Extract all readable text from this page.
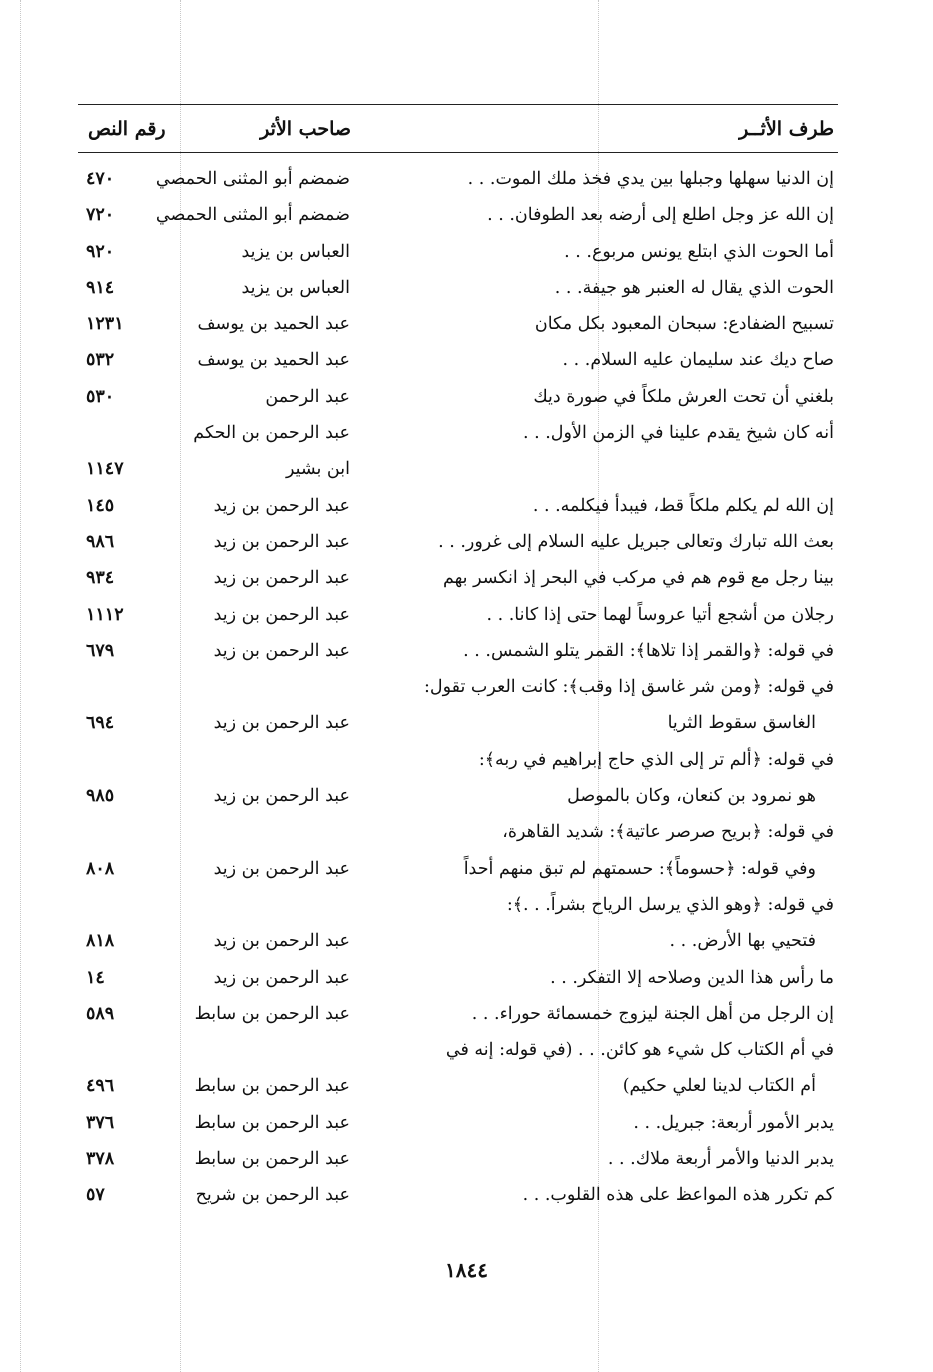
طرف الأثــر
صاحب الأثر
رقم النص
إن الدنيا سهلها وجبلها بين يدي فخذ ملك الموت. . .
ضمضم أبو المثنى الحمصي
٤٧٠
إن الله عز وجل اطلع إلى أرضه بعد الطوفان. . .
ضمضم أبو المثنى الحمصي
٧٢٠
أما الحوت الذي ابتلع يونس مربوع. . .
العباس بن يزيد
٩٢٠
الحوت الذي يقال له العنبر هو جيفة. . .
العباس بن يزيد
٩١٤
تسبيح الضفادع: سبحان المعبود بكل مكان
عبد الحميد بن يوسف
١٢٣١
صاح ديك عند سليمان عليه السلام. . .
عبد الحميد بن يوسف
٥٣٢
بلغني أن تحت العرش ملكاً في صورة ديك
عبد الرحمن
٥٣٠
أنه كان شيخ يقدم علينا في الزمن الأول. . .
عبد الرحمن بن الحكم
ابن بشير
١١٤٧
إن الله لم يكلم ملكاً قط، فيبدأ فيكلمه. . .
عبد الرحمن بن زيد
١٤٥
بعث الله تبارك وتعالى جبريل عليه السلام إلى غرور. . .
عبد الرحمن بن زيد
٩٨٦
بينا رجل مع قوم هم في مركب في البحر إذ انكسر بهم
عبد الرحمن بن زيد
٩٣٤
رجلان من أشجع أتيا عروساً لهما حتى إذا كانا. . .
عبد الرحمن بن زيد
١١١٢
في قوله: ﴿والقمر إذا تلاها﴾: القمر يتلو الشمس. . .
عبد الرحمن بن زيد
٦٧٩
في قوله: ﴿ومن شر غاسق إذا وقب﴾: كانت العرب تقول:
الغاسق سقوط الثريا
عبد الرحمن بن زيد
٦٩٤
في قوله: ﴿ألم تر إلى الذي حاج إبراهيم في ربه﴾:
هو نمرود بن كنعان، وكان بالموصل
عبد الرحمن بن زيد
٩٨٥
في قوله: ﴿بريح صرصر عاتية﴾: شديد القاهرة،
وفي قوله: ﴿حسوماً﴾: حسمتهم لم تبق منهم أحداً
عبد الرحمن بن زيد
٨٠٨
في قوله: ﴿وهو الذي يرسل الرياح بشراً. . .﴾:
فتحيي بها الأرض. . .
عبد الرحمن بن زيد
٨١٨
ما رأس هذا الدين وصلاحه إلا التفكر. . .
عبد الرحمن بن زيد
١٤
إن الرجل من أهل الجنة ليزوج خمسمائة حوراء. . .
عبد الرحمن بن سابط
٥٨٩
في أم الكتاب كل شيء هو كائن. . . (في قوله: إنه في
أم الكتاب لدينا لعلي حكيم)
عبد الرحمن بن سابط
٤٩٦
يدبر الأمور أربعة: جبريل. . .
عبد الرحمن بن سابط
٣٧٦
يدبر الدنيا والأمر أربعة ملاك. . .
عبد الرحمن بن سابط
٣٧٨
كم تكرر هذه المواعظ على هذه القلوب. . .
عبد الرحمن بن شريح
٥٧
١٨٤٤
